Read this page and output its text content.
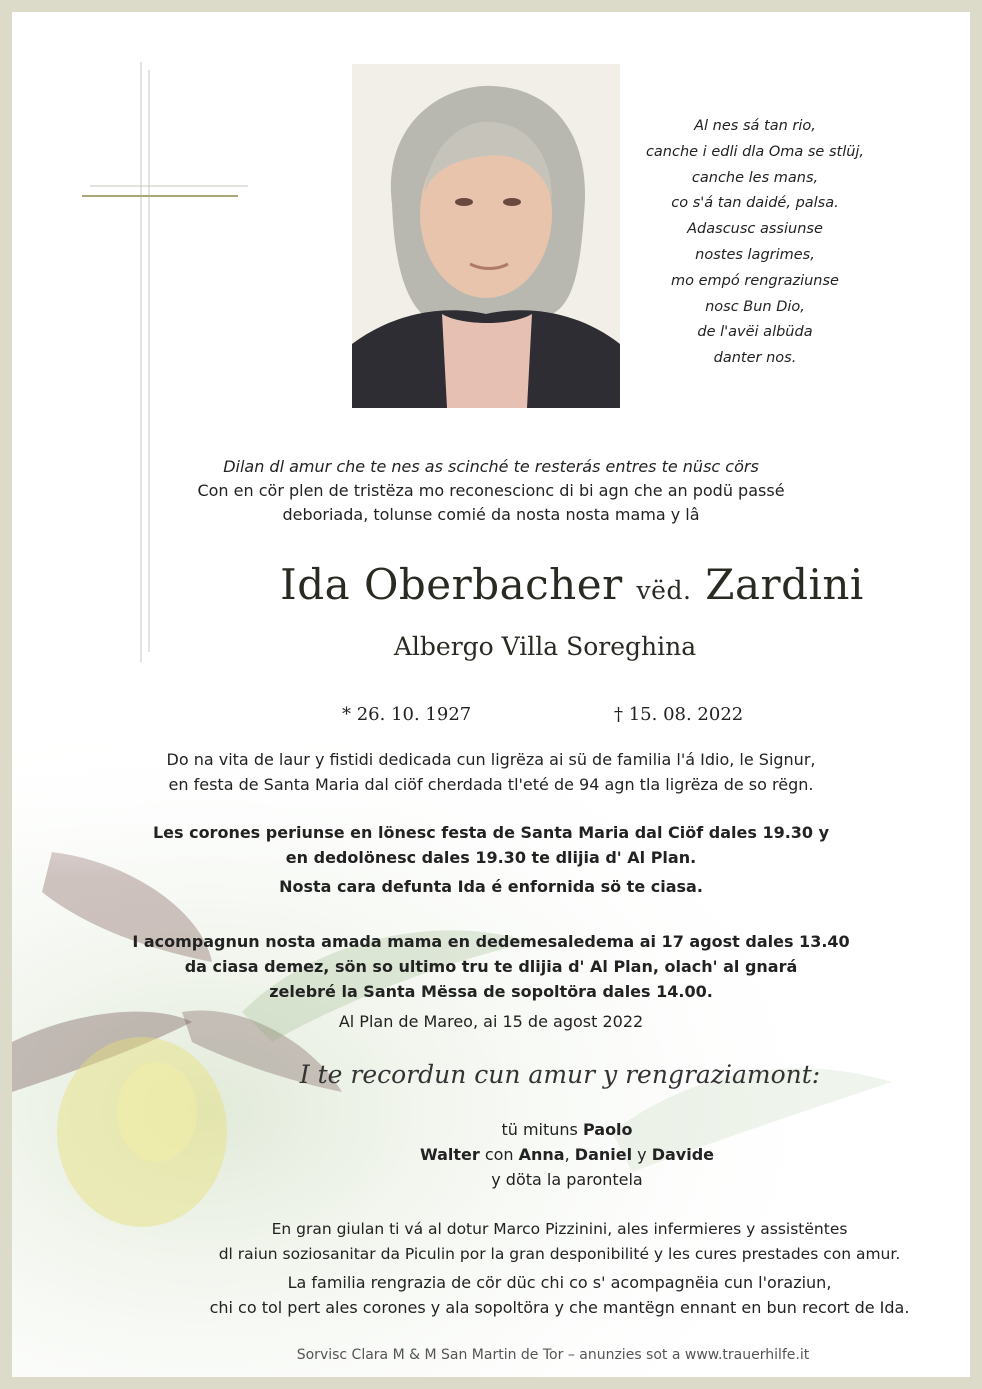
Al nes sá tan rio,
canche i edli dla Oma se stlüj,
canche les mans,
co s'á tan daidé, palsa.
Adascusc assiunse
nostes lagrimes,
mo empó rengraziunse
nosc Bun Dio,
de l'avëi albüda
danter nos.
Dilan dl amur che te nes as scinché te resterás entres te nüsc cörs
Con en cör plen de tristëza mo reconescionc di bi agn che an podü passé
deboriada, tolunse comié da nosta nosta mama y lâ
Ida Oberbacher vëd. Zardini
Albergo Villa Soreghina
* 26. 10. 1927	† 15. 08. 2022
Do na vita de laur y fistidi dedicada cun ligrëza ai sü de familia l'á Idio, le Signur,
en festa de Santa Maria dal ciöf cherdada tl'eté de 94 agn tla ligrëza de so rëgn.
Les corones periunse en lönesc festa de Santa Maria dal Ciöf dales 19.30 y
en dedolönesc dales 19.30 te dlijia d' Al Plan.
Nosta cara defunta Ida é enfornida sö te ciasa.
I acompagnun nosta amada mama en dedemesaledema ai 17 agost dales 13.40
da ciasa demez, sön so ultimo tru te dlijia d' Al Plan, olach' al gnará
zelebré la Santa Mëssa de sopoltöra dales 14.00.
Al Plan de Mareo, ai 15 de agost 2022
I te recordun cun amur y rengraziamont:
tü mituns Paolo
Walter con Anna, Daniel y Davide
y döta la parontela
En gran giulan ti vá al dotur Marco Pizzinini, ales infermieres y assistëntes
dl raiun soziosanitar da Piculin por la gran desponibilité y les cures prestades con amur.
La familia rengrazia de cör düc chi co s' acompagnëia cun l'oraziun,
chi co tol pert ales corones y ala sopoltöra y che mantëgn ennant en bun recort de Ida.
Sorvisc Clara M & M San Martin de Tor – anunzies sot a www.trauerhilfe.it
